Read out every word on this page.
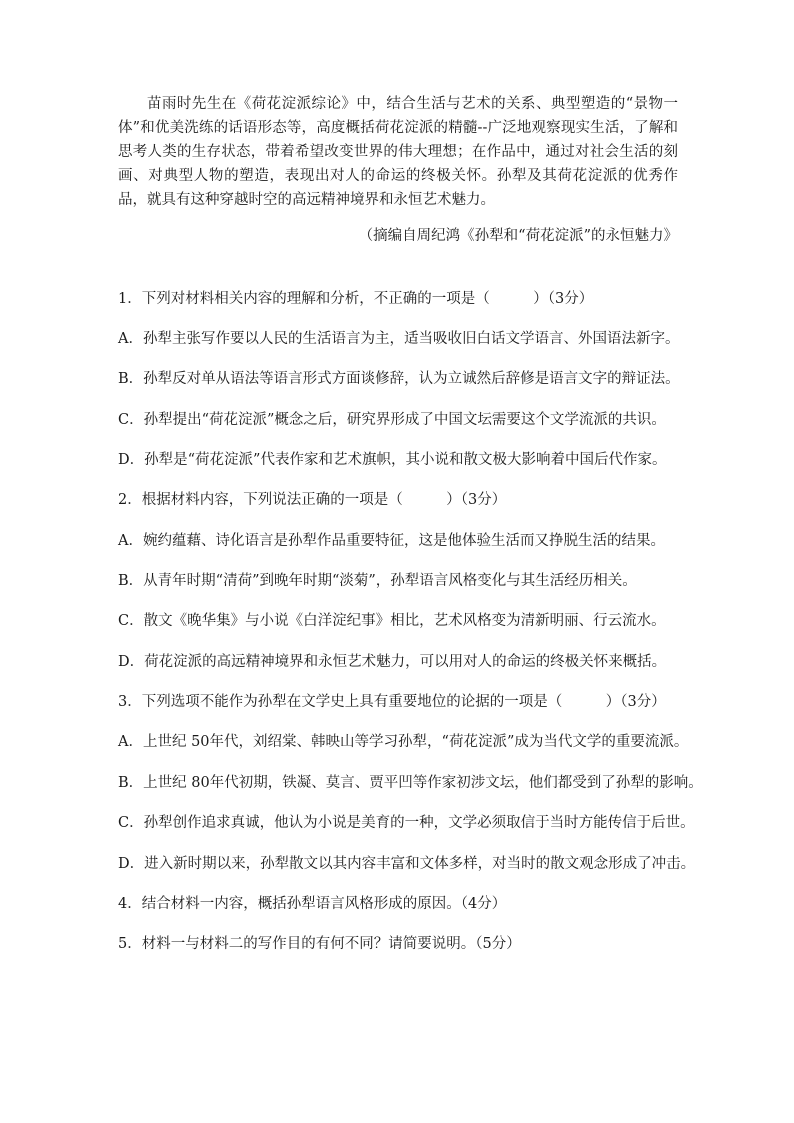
苗雨时先生在《荷花淀派综论》中，结合生活与艺术的关系、典型塑造的“景物一体”和优美洗练的话语形态等，高度概括荷花淀派的精髓--广泛地观察现实生活，了解和思考人类的生存状态，带着希望改变世界的伟大理想；在作品中，通过对社会生活的刻画、对典型人物的塑造，表现出对人的命运的终极关怀。孙犁及其荷花淀派的优秀作品，就具有这种穿越时空的高远精神境界和永恒艺术魅力。

（摘编自周纪鸿《孙犁和“荷花淀派”的永恒魅力》

1．下列对材料相关内容的理解和分析，不正确的一项是（　　　）（3分）

A．孙犁主张写作要以人民的生活语言为主，适当吸收旧白话文学语言、外国语法新字。

B．孙犁反对单从语法等语言形式方面谈修辞，认为立诚然后辞修是语言文字的辩证法。

C．孙犁提出“荷花淀派”概念之后，研究界形成了中国文坛需要这个文学流派的共识。

D．孙犁是“荷花淀派”代表作家和艺术旗帜，其小说和散文极大影响着中国后代作家。

2．根据材料内容，下列说法正确的一项是（　　　）（3分）

A．婉约蕴藉、诗化语言是孙犁作品重要特征，这是他体验生活而又挣脱生活的结果。

B．从青年时期“清荷”到晚年时期“淡菊”，孙犁语言风格变化与其生活经历相关。

C．散文《晚华集》与小说《白洋淀纪事》相比，艺术风格变为清新明丽、行云流水。

D．荷花淀派的高远精神境界和永恒艺术魅力，可以用对人的命运的终极关怀来概括。

3．下列选项不能作为孙犁在文学史上具有重要地位的论据的一项是（　　　）（3分）

A．上世纪 50年代，刘绍棠、韩映山等学习孙犁，“荷花淀派”成为当代文学的重要流派。

B．上世纪 80年代初期，铁凝、莫言、贾平凹等作家初涉文坛，他们都受到了孙犁的影响。

C．孙犁创作追求真诚，他认为小说是美育的一种，文学必须取信于当时方能传信于后世。

D．进入新时期以来，孙犁散文以其内容丰富和文体多样，对当时的散文观念形成了冲击。

4．结合材料一内容，概括孙犁语言风格形成的原因。（4分）

5．材料一与材料二的写作目的有何不同？请简要说明。（5分）
